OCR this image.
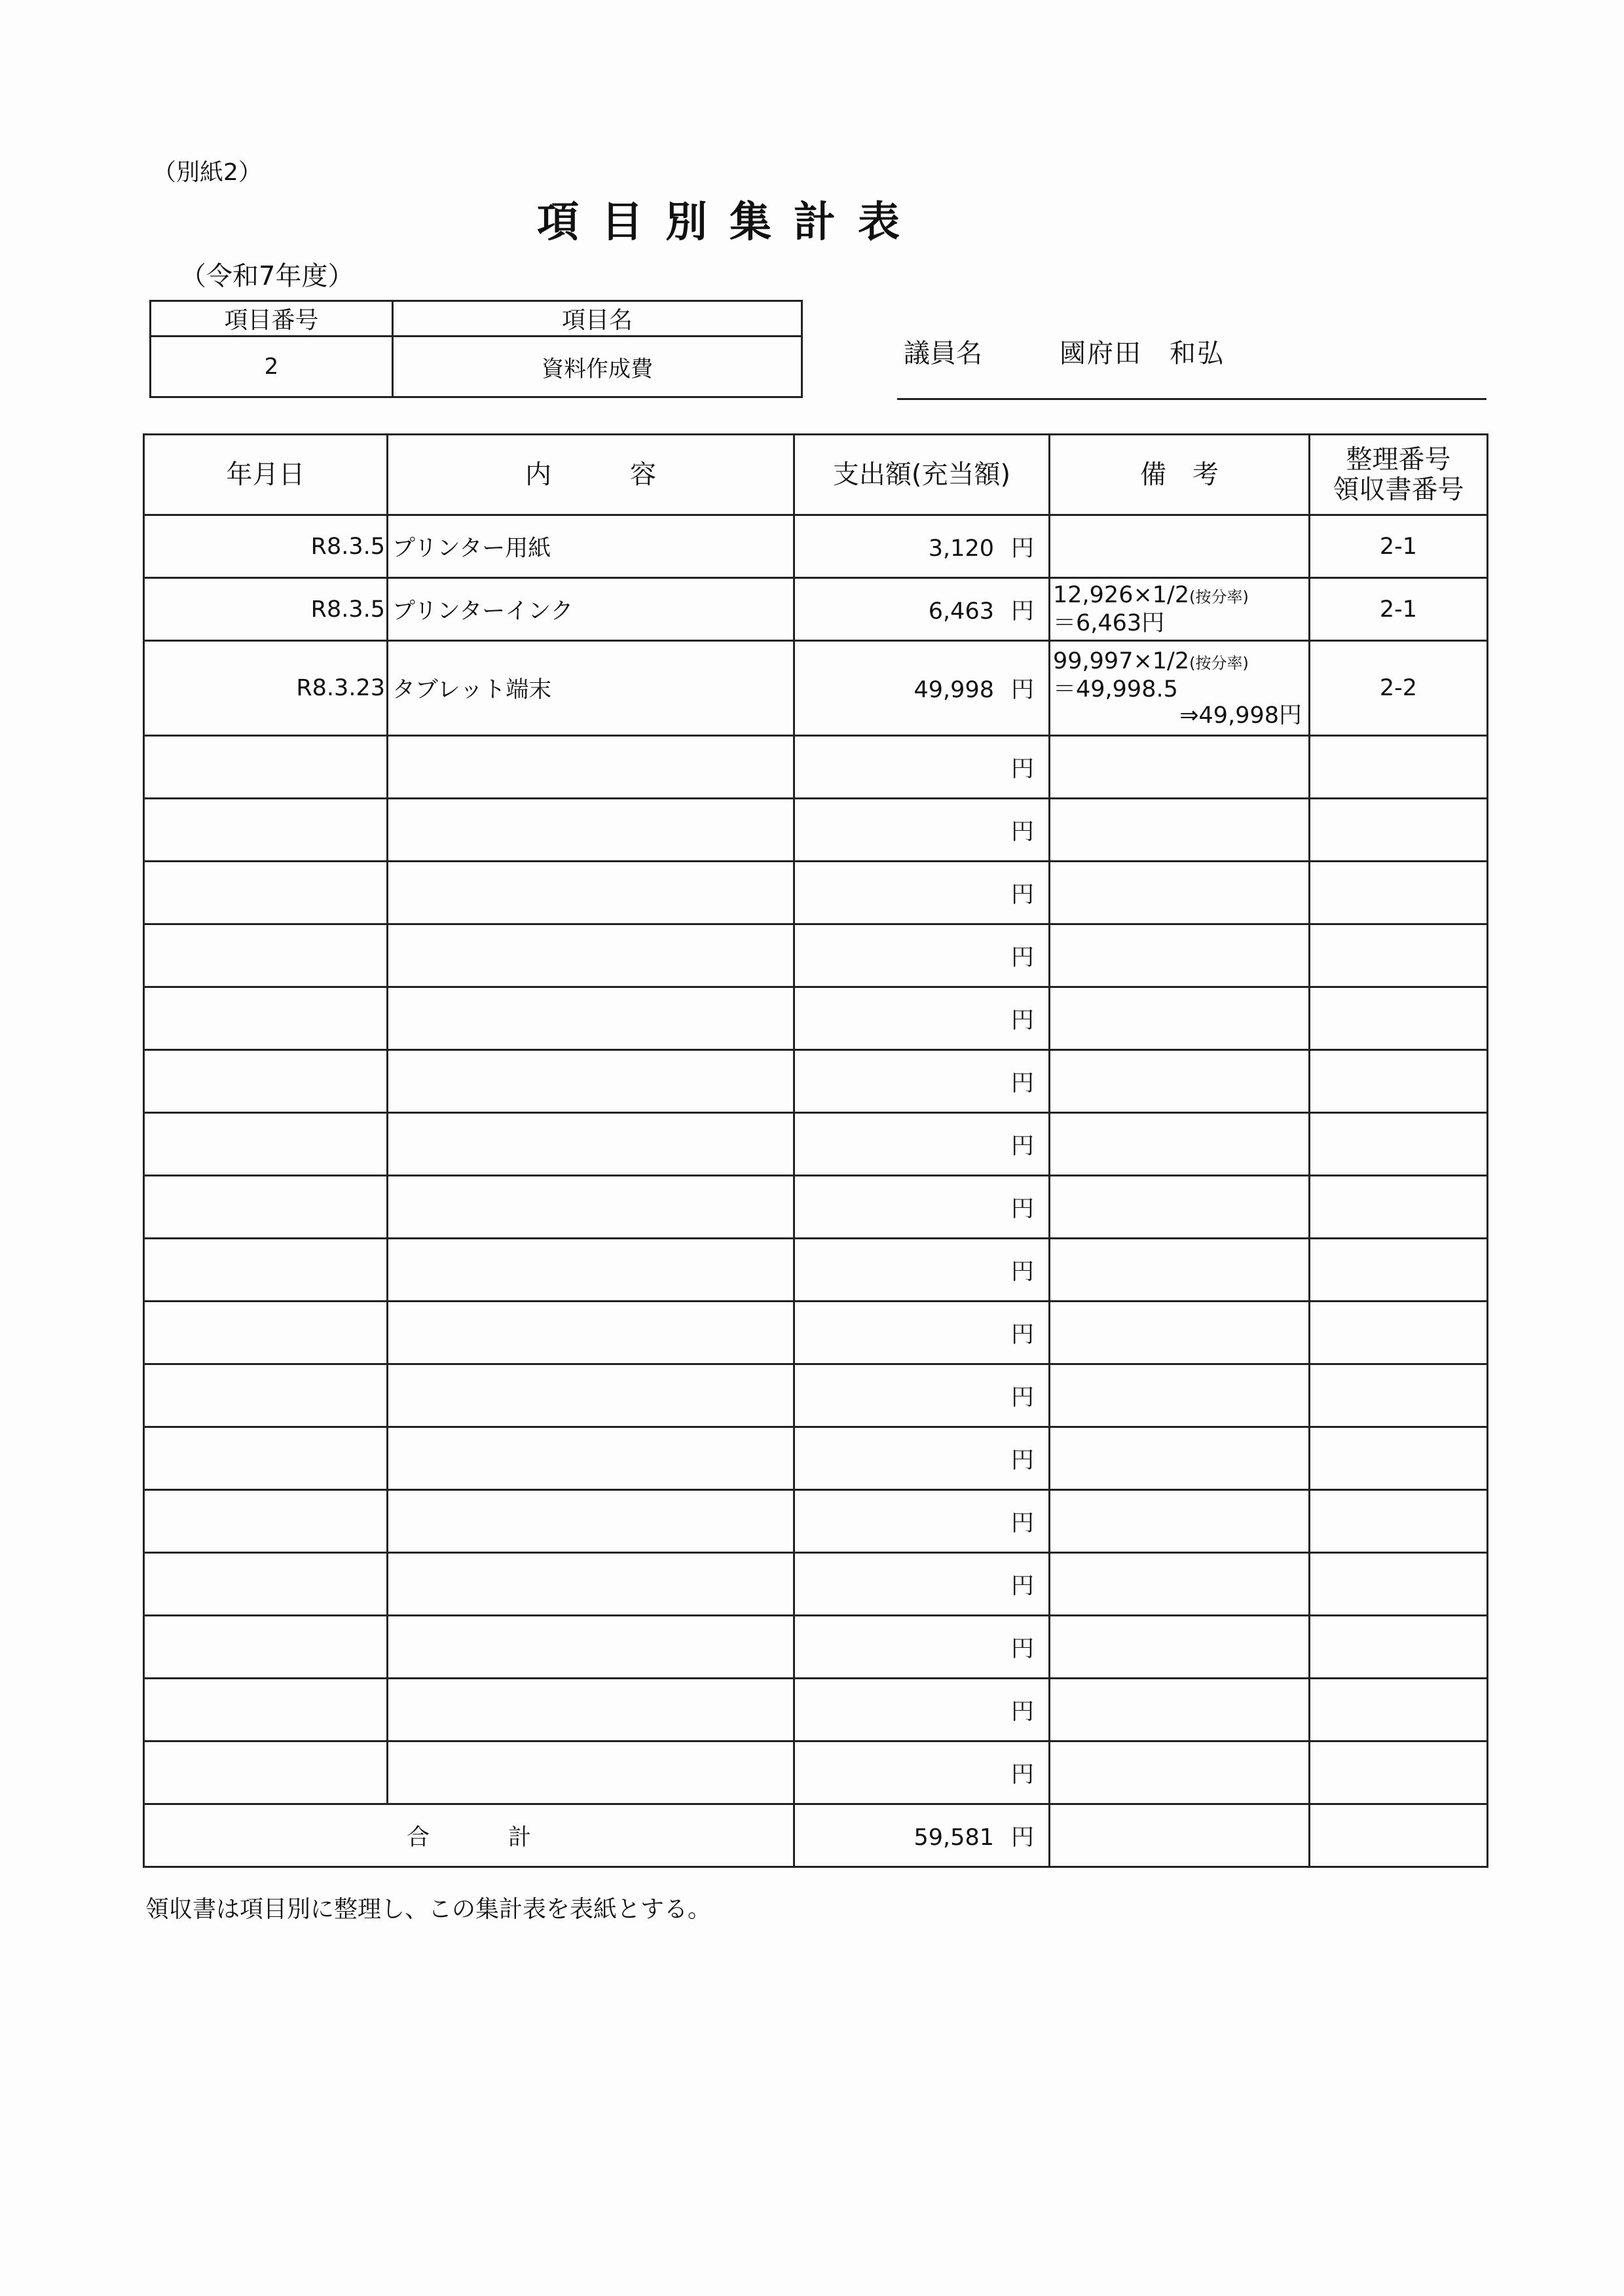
（別紙2）
項目別集計表
（令和7年度）
項目番号	項目名
2	資料作成費
議員名	國府田　和弘
年月日	内　　　容	支出額(充当額)	備　考	整理番号
領収書番号

R8.3.5	プリンター用紙	3,120 円		2-1
R8.3.5	プリンターインク	6,463 円	12,926×1/2(按分率)
＝6,463円	2-1
R8.3.23	タブレット端末	49,998 円	99,997×1/2(按分率)
＝49,998.5
⇒49,998円	2-2
		円		
		円		
		円		
		円		
		円		
		円		
		円		
		円		
		円		
		円		
		円		
		円		
		円		
		円		
		円		
		円		
		円		
合計		59,581 円		
領収書は項目別に整理し、この集計表を表紙とする。
